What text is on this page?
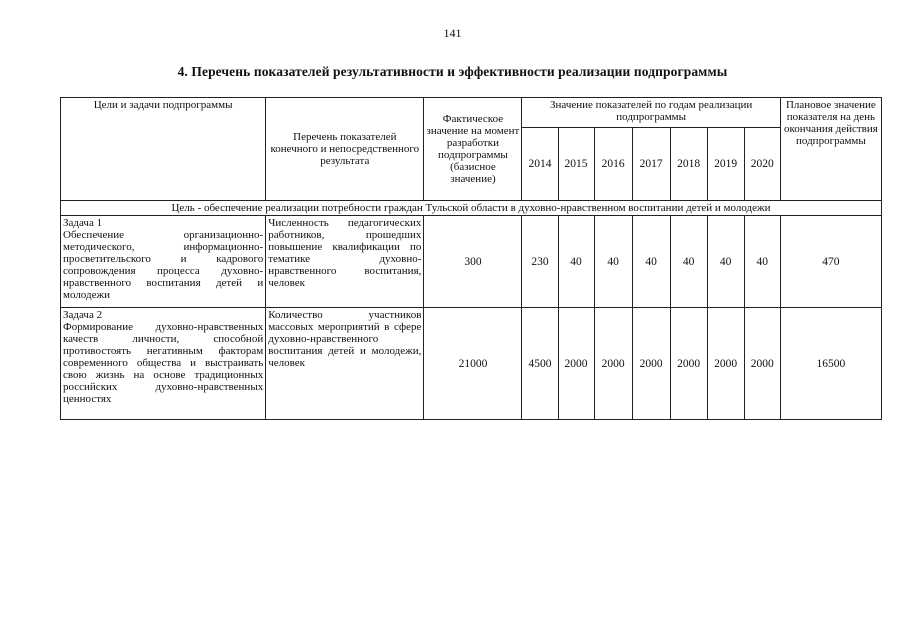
141
4. Перечень показателей результативности и эффективности реализации подпрограммы
Цели и задачи подпрограммы	Перечень показателей конечного и непосредственного результата	Фактическое значение на момент разработки подпрограммы (базисное значение)	Значение показателей по годам реализации подпрограммы							Плановое значение показателя на день окончания действия подпрограммы
			2014	2015	2016	2017	2018	2019	2020	
Цель - обеспечение реализации потребности граждан Тульской области в духовно-нравственном воспитании детей и молодежи										

Задача 1
Обеспечение организационно-методического, информационно-просветительского и кадрового сопровождения процесса духовно-нравственного воспитания детей и молодежи	Численность педагогических работников, прошедших повышение квалификации по тематике духовно-нравственного воспитания, человек	300	230	40	40	40	40	40	40	470

Задача 2
Формирование духовно-нравственных качеств личности, способной противостоять негативным факторам современного общества и выстраивать свою жизнь на основе традиционных российских духовно-нравственных ценностях	Количество участников массовых мероприятий в сфере духовно-нравственного воспитания детей и молодежи, человек	21000	4500	2000	2000	2000	2000	2000	2000	16500
